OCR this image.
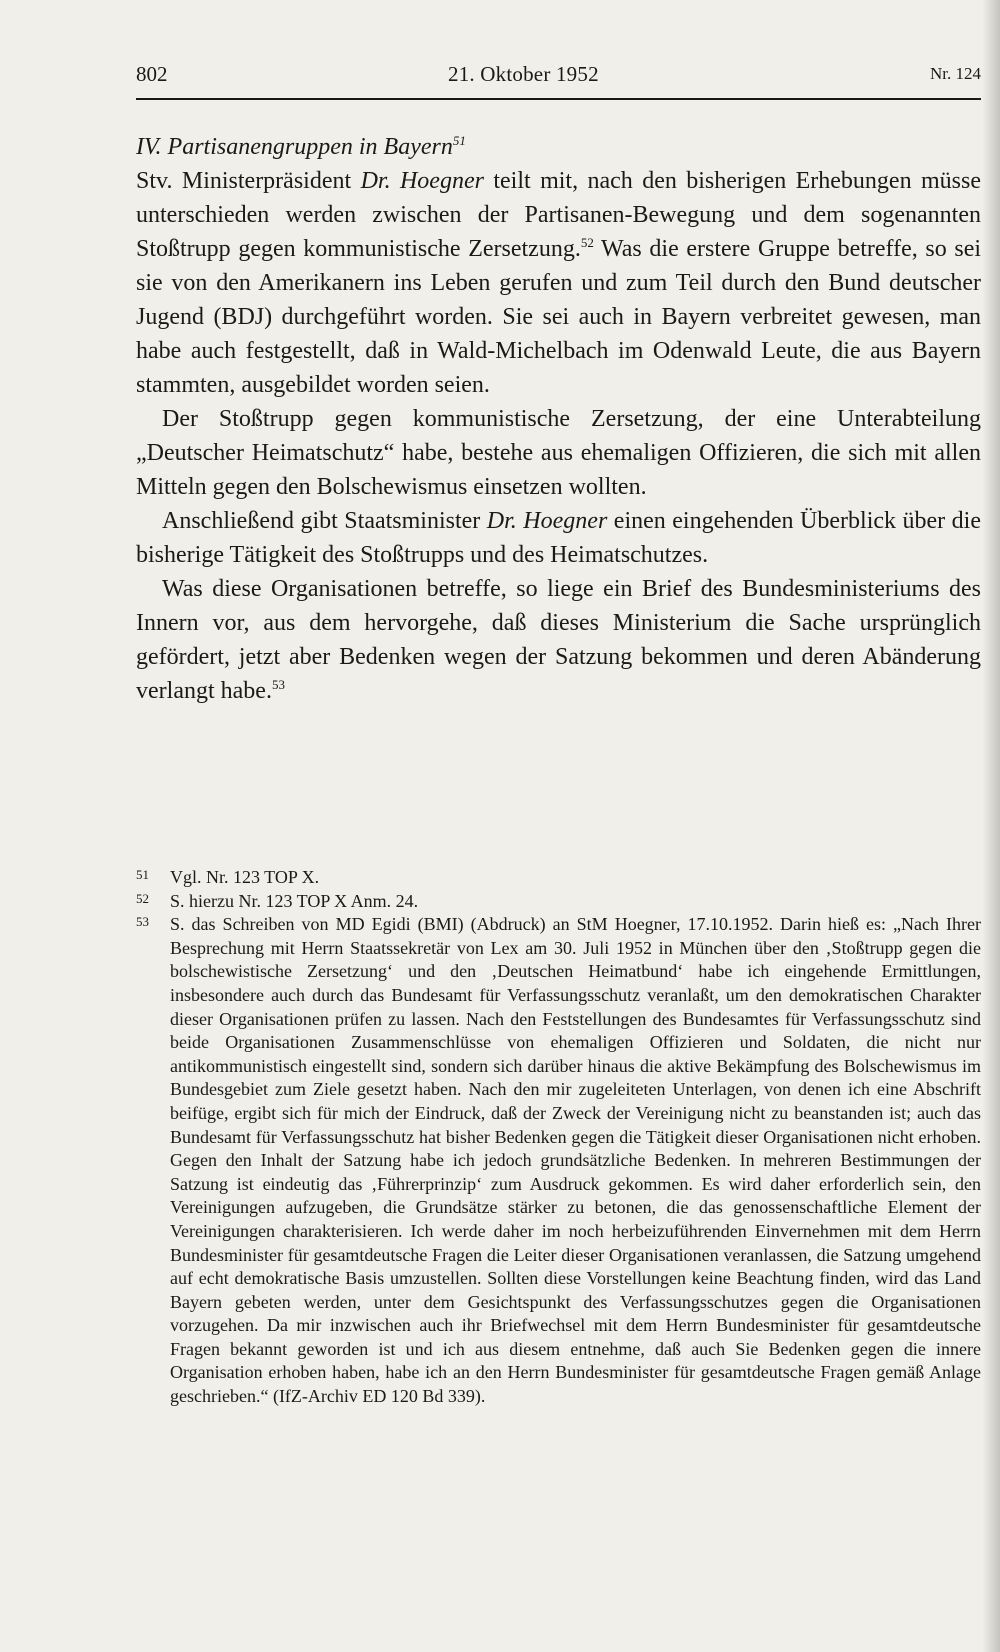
802	21. Oktober 1952	Nr. 124

IV. Partisanengruppen in Bayern$^{51}$

Stv. Ministerpräsident Dr. Hoegner teilt mit, nach den bisherigen Erhebungen müsse unterschieden werden zwischen der Partisanen-Bewegung und dem sogenannten Stoßtrupp gegen kommunistische Zersetzung.$^{52}$ Was die erstere Gruppe betreffe, so sei sie von den Amerikanern ins Leben gerufen und zum Teil durch den Bund deutscher Jugend (BDJ) durchgeführt worden. Sie sei auch in Bayern verbreitet gewesen, man habe auch festgestellt, daß in Wald-Michelbach im Odenwald Leute, die aus Bayern stammten, ausgebildet worden seien.

Der Stoßtrupp gegen kommunistische Zersetzung, der eine Unterabteilung „Deutscher Heimatschutz“ habe, bestehe aus ehemaligen Offizieren, die sich mit allen Mitteln gegen den Bolschewismus einsetzen wollten.

Anschließend gibt Staatsminister Dr. Hoegner einen eingehenden Überblick über die bisherige Tätigkeit des Stoßtrupps und des Heimatschutzes.

Was diese Organisationen betreffe, so liege ein Brief des Bundesministeriums des Innern vor, aus dem hervorgehe, daß dieses Ministerium die Sache ursprünglich gefördert, jetzt aber Bedenken wegen der Satzung bekommen und deren Abänderung verlangt habe.$^{53}$

51 Vgl. Nr. 123 TOP X.

52 S. hierzu Nr. 123 TOP X Anm. 24.

53 S. das Schreiben von MD Egidi (BMI) (Abdruck) an StM Hoegner, 17.10.1952. Darin hieß es: „Nach Ihrer Besprechung mit Herrn Staatssekretär von Lex am 30. Juli 1952 in München über den ‚Stoßtrupp gegen die bolschewistische Zersetzung‘ und den ‚Deutschen Heimatbund‘ habe ich eingehende Ermittlungen, insbesondere auch durch das Bundesamt für Verfassungsschutz veranlaßt, um den demokratischen Charakter dieser Organisationen prüfen zu lassen. Nach den Feststellungen des Bundesamtes für Verfassungsschutz sind beide Organisationen Zusammenschlüsse von ehemaligen Offizieren und Soldaten, die nicht nur antikommunistisch eingestellt sind, sondern sich darüber hinaus die aktive Bekämpfung des Bolschewismus im Bundesgebiet zum Ziele gesetzt haben. Nach den mir zugeleiteten Unterlagen, von denen ich eine Abschrift beifüge, ergibt sich für mich der Eindruck, daß der Zweck der Vereinigung nicht zu beanstanden ist; auch das Bundesamt für Verfassungsschutz hat bisher Bedenken gegen die Tätigkeit dieser Organisationen nicht erhoben. Gegen den Inhalt der Satzung habe ich jedoch grundsätzliche Bedenken. In mehreren Bestimmungen der Satzung ist eindeutig das ‚Führerprinzip‘ zum Ausdruck gekommen. Es wird daher erforderlich sein, den Vereinigungen aufzugeben, die Grundsätze stärker zu betonen, die das genossenschaftliche Element der Vereinigungen charakterisieren. Ich werde daher im noch herbeizuführenden Einvernehmen mit dem Herrn Bundesminister für gesamtdeutsche Fragen die Leiter dieser Organisationen veranlassen, die Satzung umgehend auf echt demokratische Basis umzustellen. Sollten diese Vorstellungen keine Beachtung finden, wird das Land Bayern gebeten werden, unter dem Gesichtspunkt des Verfassungsschutzes gegen die Organisationen vorzugehen. Da mir inzwischen auch ihr Briefwechsel mit dem Herrn Bundesminister für gesamtdeutsche Fragen bekannt geworden ist und ich aus diesem entnehme, daß auch Sie Bedenken gegen die innere Organisation erhoben haben, habe ich an den Herrn Bundesminister für gesamtdeutsche Fragen gemäß Anlage geschrieben.“ (IfZ-Archiv ED 120 Bd 339).
